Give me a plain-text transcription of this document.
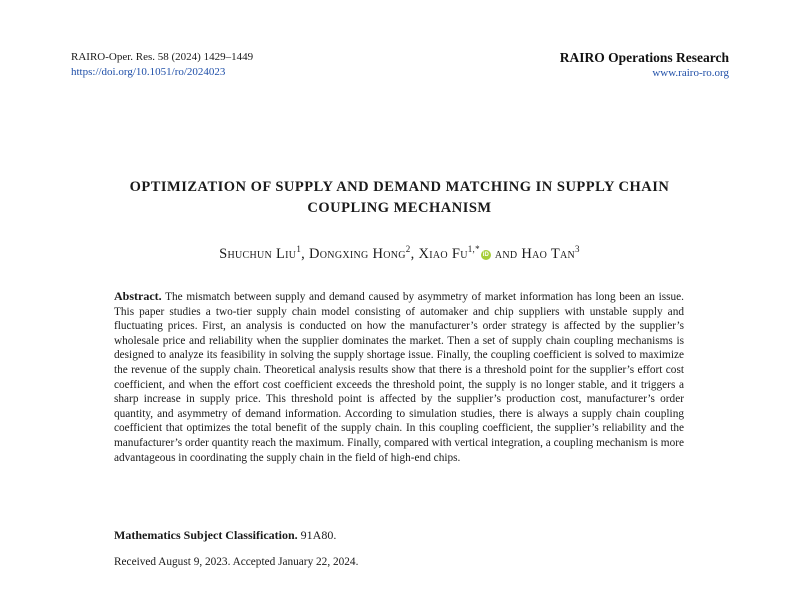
RAIRO-Oper. Res. 58 (2024) 1429–1449
https://doi.org/10.1051/ro/2024023
RAIRO Operations Research
www.rairo-ro.org
OPTIMIZATION OF SUPPLY AND DEMAND MATCHING IN SUPPLY CHAIN
COUPLING MECHANISM
Shuchun Liu$^1$, Dongxing Hong$^2$, Xiao $Fu^{1,*}iD$ and Hao Tan$^3$

Abstract. The mismatch between supply and demand caused by asymmetry of market information has long been an issue. This paper studies a two-tier supply chain model consisting of automaker and chip suppliers with unstable supply and fluctuating prices. First, an analysis is conducted on how the manufacturer’s order strategy is affected by the supplier’s wholesale price and reliability when the supplier dominates the market. Then a set of supply chain coupling mechanisms is designed to analyze its feasibility in solving the supply shortage issue. Finally, the coupling coefficient is solved to maximize the revenue of the supply chain. Theoretical analysis results show that there is a threshold point for the supplier’s effort cost coefficient, and when the effort cost coefficient exceeds the threshold point, the supply is no longer stable, and it triggers a sharp increase in supply price. This threshold point is affected by the supplier’s production cost, manufacturer’s order quantity, and asymmetry of demand information. According to simulation studies, there is always a supply chain coupling coefficient that optimizes the total benefit of the supply chain. In this coupling coefficient, the supplier’s reliability and the manufacturer’s order quantity reach the maximum. Finally, compared with vertical integration, a coupling mechanism is more advantageous in coordinating the supply chain in the field of high-end chips.

Mathematics Subject Classification. 91A80.
Received August 9, 2023. Accepted January 22, 2024.
